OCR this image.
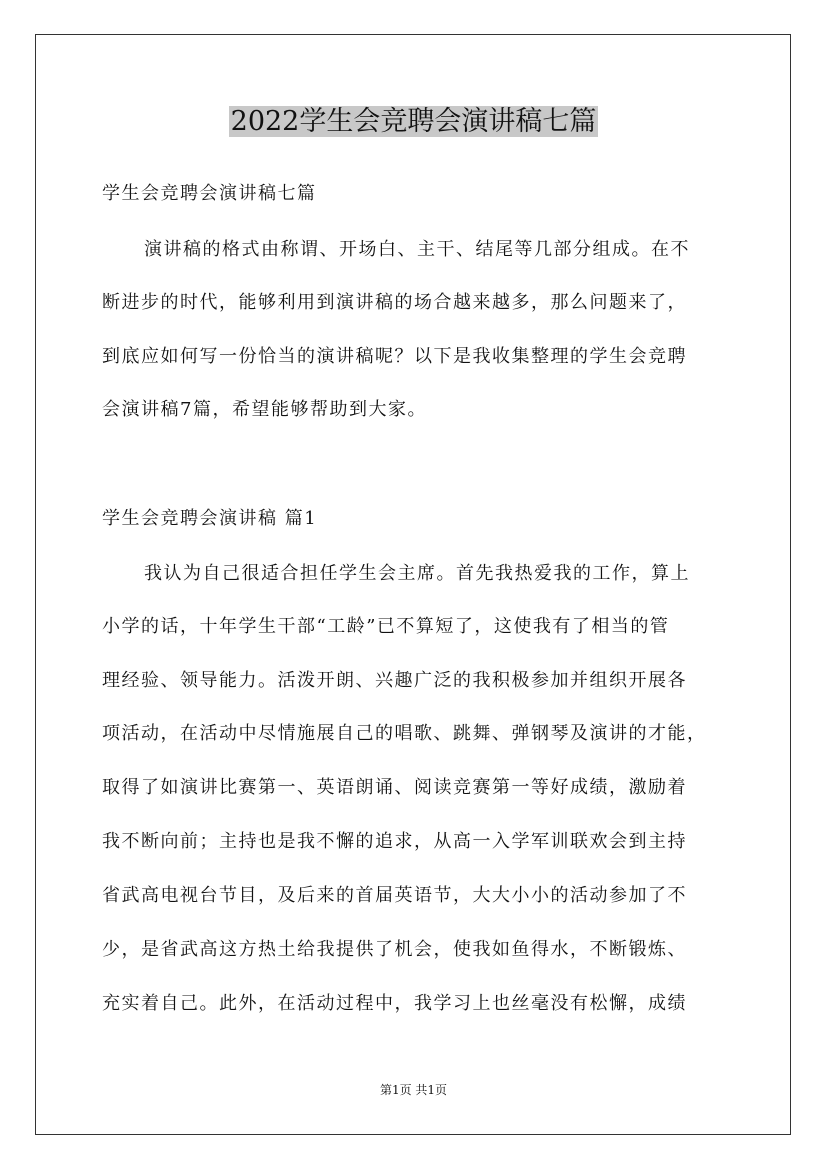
2022学生会竞聘会演讲稿七篇

学生会竞聘会演讲稿七篇

演讲稿的格式由称谓、开场白、主干、结尾等几部分组成。在不

断进步的时代，能够利用到演讲稿的场合越来越多，那么问题来了，

到底应如何写一份恰当的演讲稿呢？以下是我收集整理的学生会竞聘

会演讲稿7篇，希望能够帮助到大家。

学生会竞聘会演讲稿 篇1

我认为自己很适合担任学生会主席。首先我热爱我的工作，算上

小学的话，十年学生干部“工龄”已不算短了，这使我有了相当的管

理经验、领导能力。活泼开朗、兴趣广泛的我积极参加并组织开展各

项活动，在活动中尽情施展自己的唱歌、跳舞、弹钢琴及演讲的才能，

取得了如演讲比赛第一、英语朗诵、阅读竞赛第一等好成绩，激励着

我不断向前；主持也是我不懈的追求，从高一入学军训联欢会到主持

省武高电视台节目，及后来的首届英语节，大大小小的活动参加了不

少，是省武高这方热土给我提供了机会，使我如鱼得水，不断锻炼、

充实着自己。此外，在活动过程中，我学习上也丝毫没有松懈，成绩

第1页 共1页
